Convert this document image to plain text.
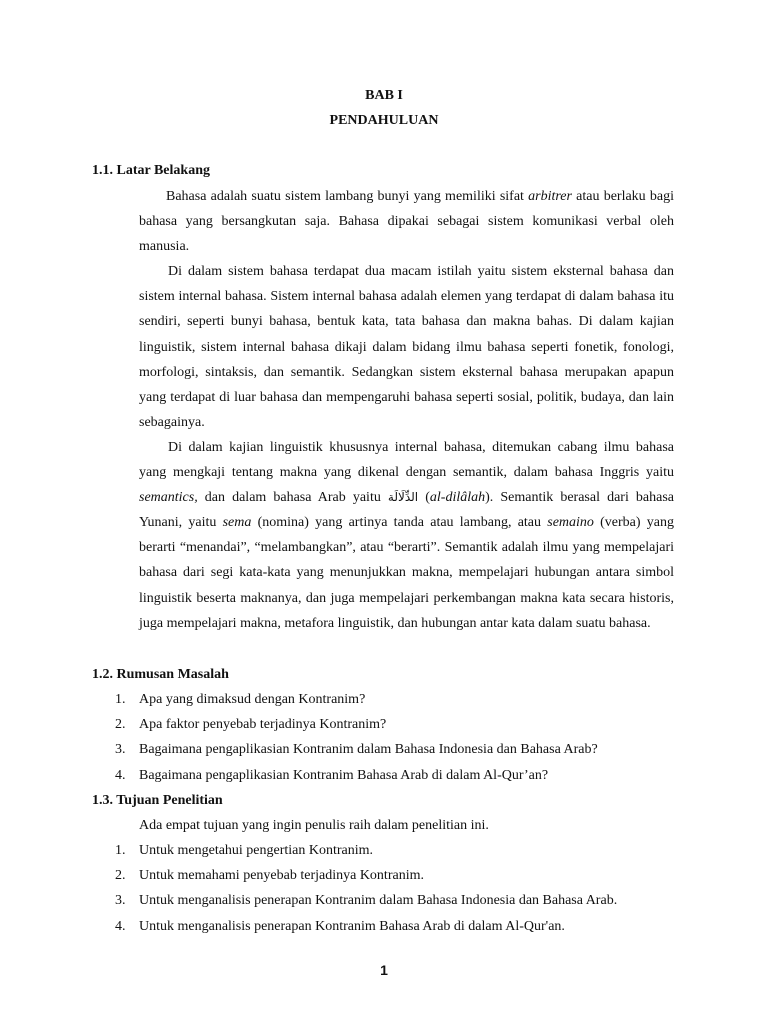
BAB I
PENDAHULUAN
1.1. Latar Belakang

Bahasa adalah suatu sistem lambang bunyi yang memiliki sifat arbitrer atau berlaku bagi bahasa yang bersangkutan saja. Bahasa dipakai sebagai sistem komunikasi verbal oleh manusia.

Di dalam sistem bahasa terdapat dua macam istilah yaitu sistem eksternal bahasa dan sistem internal bahasa. Sistem internal bahasa adalah elemen yang terdapat di dalam bahasa itu sendiri, seperti bunyi bahasa, bentuk kata, tata bahasa dan makna bahas. Di dalam kajian linguistik, sistem internal bahasa dikaji dalam bidang ilmu bahasa seperti fonetik, fonologi, morfologi, sintaksis, dan semantik. Sedangkan sistem eksternal bahasa merupakan apapun yang terdapat di luar bahasa dan mempengaruhi bahasa seperti sosial, politik, budaya, dan lain sebagainya.

Di dalam kajian linguistik khususnya internal bahasa, ditemukan cabang ilmu bahasa yang mengkaji tentang makna yang dikenal dengan semantik, dalam bahasa Inggris yaitu semantics, dan dalam bahasa Arab yaitu الدِّلَالَة (al-dilâlah). Semantik berasal dari bahasa Yunani, yaitu sema (nomina) yang artinya tanda atau lambang, atau semaino (verba) yang berarti “menandai”, “melambangkan”, atau “berarti”. Semantik adalah ilmu yang mempelajari bahasa dari segi kata-kata yang menunjukkan makna, mempelajari hubungan antara simbol linguistik beserta maknanya, dan juga mempelajari perkembangan makna kata secara historis, juga mempelajari makna, metafora linguistik, dan hubungan antar kata dalam suatu bahasa.

1.2. Rumusan Masalah
1. Apa yang dimaksud dengan Kontranim?
2. Apa faktor penyebab terjadinya Kontranim?
3. Bagaimana pengaplikasian Kontranim dalam Bahasa Indonesia dan Bahasa Arab?
4. Bagaimana pengaplikasian Kontranim Bahasa Arab di dalam Al-Qur’an?
1.3. Tujuan Penelitian
Ada empat tujuan yang ingin penulis raih dalam penelitian ini.
1. Untuk mengetahui pengertian Kontranim.
2. Untuk memahami penyebab terjadinya Kontranim.
3. Untuk menganalisis penerapan Kontranim dalam Bahasa Indonesia dan Bahasa Arab.
4. Untuk menganalisis penerapan Kontranim Bahasa Arab di dalam Al-Qur'an.
1
